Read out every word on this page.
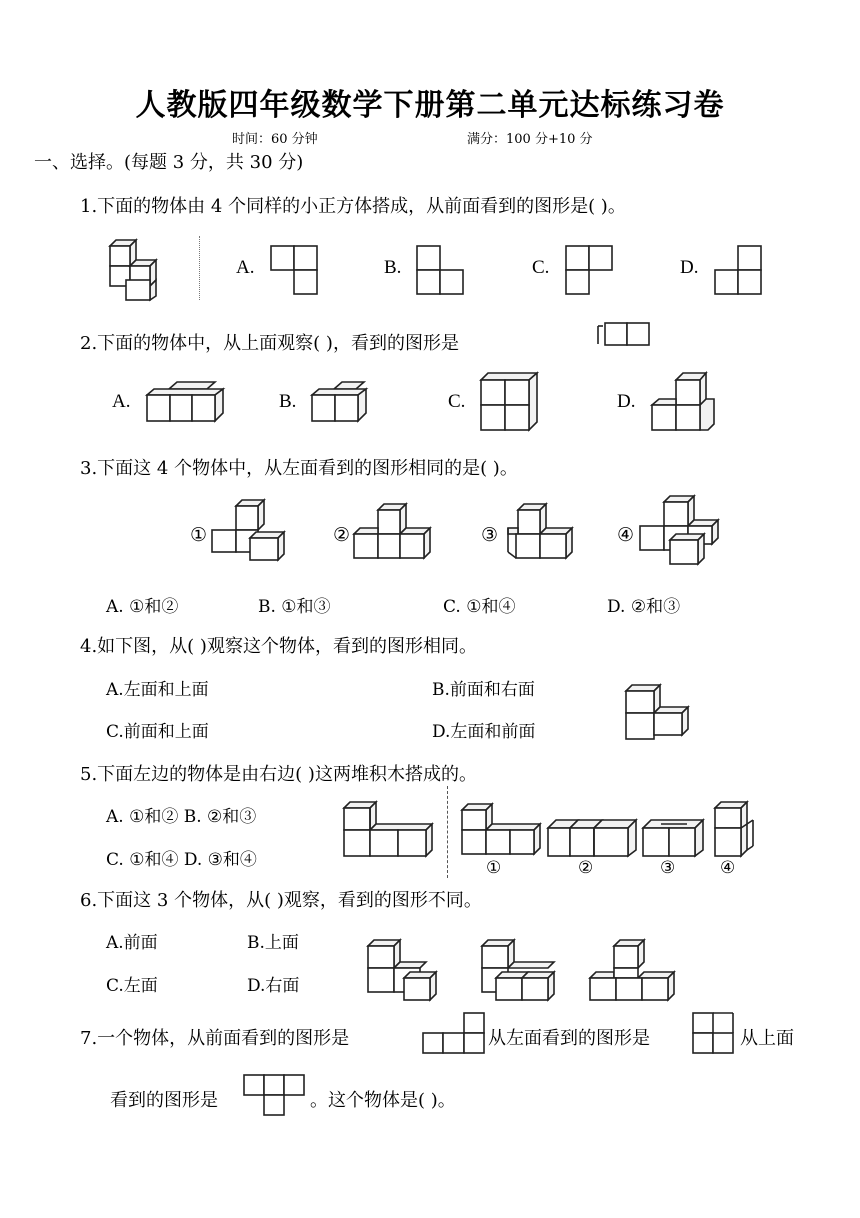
人教版四年级数学下册第二单元达标练习卷
时间：60 分钟	满分：100 分+10 分
一、选择。(每题 3 分，共 30 分)
1.下面的物体由 4 个同样的小正方体搭成，从前面看到的图形是( )。
A.	B.	C.	D.
2.下面的物体中，从上面观察( )，看到的图形是
A.	B.	C.	D.
3.下面这 4 个物体中，从左面看到的图形相同的是( )。
①	②	③	④
A. ①和②	B. ①和③	C. ①和④	D. ②和③
4.如下图，从( )观察这个物体，看到的图形相同。
A.左面和上面	B.前面和右面
C.前面和上面	D.左面和前面
5.下面左边的物体是由右边( )这两堆积木搭成的。
A. ①和② B. ②和③
C. ①和④ D. ③和④	①	②	③	④
6.下面这 3 个物体，从( )观察，看到的图形不同。
A.前面	B.上面
C.左面	D.右面
7.一个物体，从前面看到的图形是	从左面看到的图形是	从上面
看到的图形是	。这个物体是( )。
